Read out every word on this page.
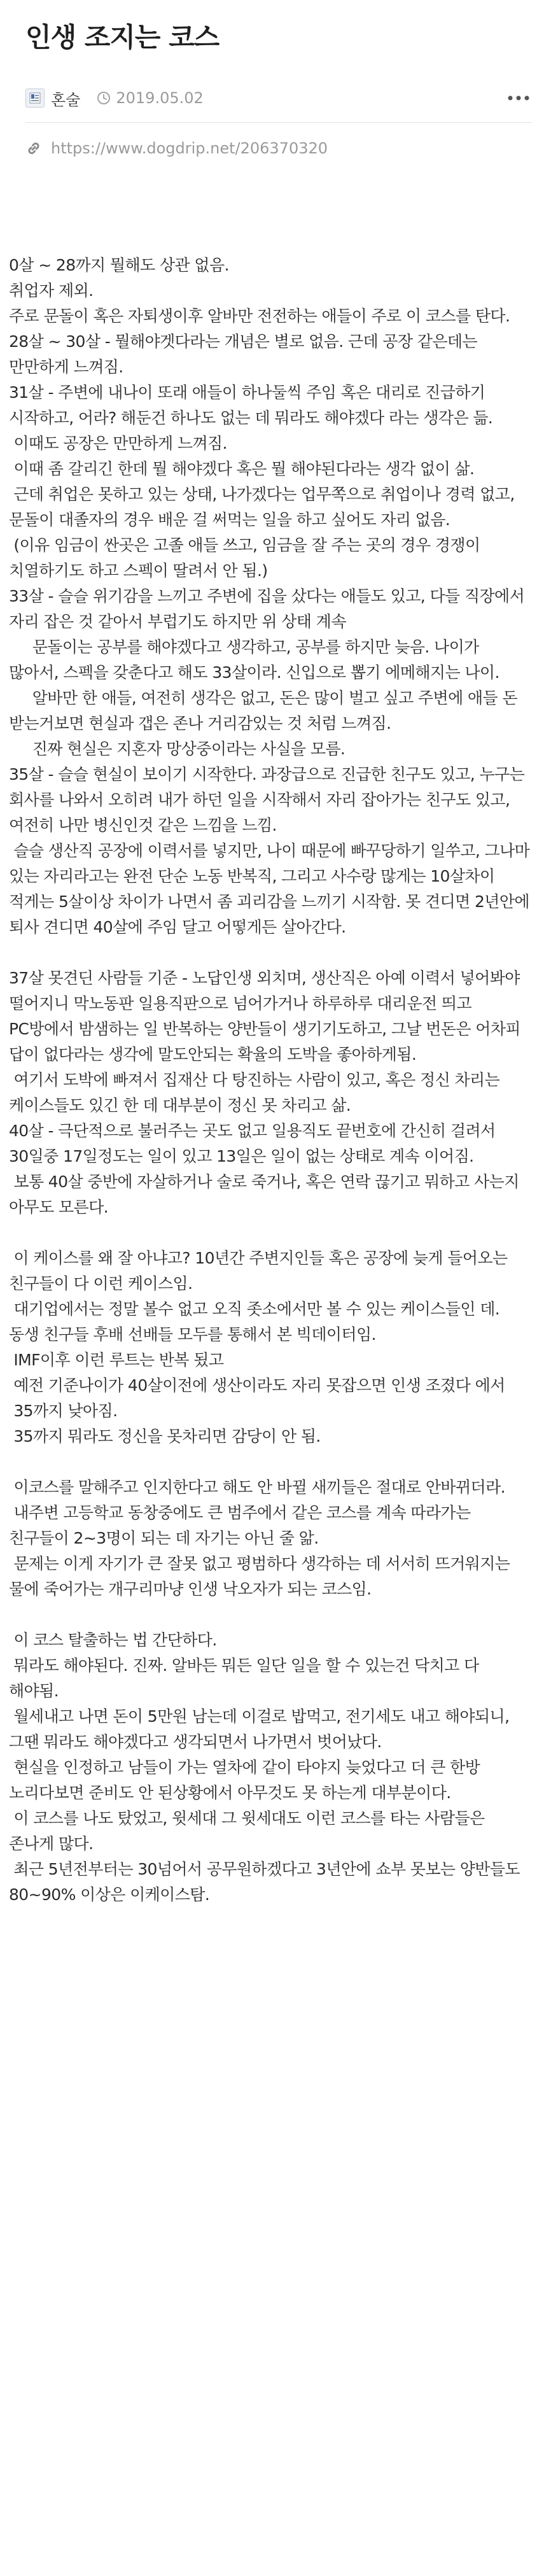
인생 조지는 코스
혼술 2019.05.02
https://www.dogdrip.net/206370320

0살 ~ 28까지 뭘해도 상관 없음.

취업자 제외.

주로 문돌이 혹은 자퇴생이후 알바만 전전하는 애들이 주로 이 코스를 탄다.

28살 ~ 30살 - 뭘해야겟다라는 개념은 별로 없음. 근데 공장 같은데는 만만하게 느껴짐.

31살 - 주변에 내나이 또래 애들이 하나둘씩 주임 혹은 대리로 진급하기 시작하고, 어라? 해둔건 하나도 없는 데 뭐라도 해야겠다 라는 생각은 듦.

이때도 공장은 만만하게 느껴짐.

이때 좀 갈리긴 한데 뭘 해야겠다 혹은 뭘 해야된다라는 생각 없이 삶.

근데 취업은 못하고 있는 상태, 나가겠다는 업무쪽으로 취업이나 경력 없고, 문돌이 대졸자의 경우 배운 걸 써먹는 일을 하고 싶어도 자리 없음.

(이유 임금이 싼곳은 고졸 애들 쓰고, 임금을 잘 주는 곳의 경우 경쟁이 치열하기도 하고 스펙이 딸려서 안 됨.)

33살 - 슬슬 위기감을 느끼고 주변에 집을 샀다는 애들도 있고, 다들 직장에서 자리 잡은 것 같아서 부럽기도 하지만 위 상태 계속

문돌이는 공부를 해야겠다고 생각하고, 공부를 하지만 늦음. 나이가 많아서, 스펙을 갖춘다고 해도 33살이라. 신입으로 뽑기 에메해지는 나이.

알바만 한 애들, 여전히 생각은 없고, 돈은 많이 벌고 싶고 주변에 애들 돈 받는거보면 현실과 갭은 존나 거리감있는 것 처럼 느껴짐.

진짜 현실은 지혼자 망상중이라는 사실을 모름.

35살 - 슬슬 현실이 보이기 시작한다. 과장급으로 진급한 친구도 있고, 누구는 회사를 나와서 오히려 내가 하던 일을 시작해서 자리 잡아가는 친구도 있고, 여전히 나만 병신인것 같은 느낌을 느낌.

슬슬 생산직 공장에 이력서를 넣지만, 나이 때문에 빠꾸당하기 일쑤고, 그나마 있는 자리라고는 완전 단순 노동 반복직, 그리고 사수랑 많게는 10살차이 적게는 5살이상 차이가 나면서 좀 괴리감을 느끼기 시작함. 못 견디면 2년안에 퇴사 견디면 40살에 주임 달고 어떻게든 살아간다.

37살 못견딘 사람들 기준 - 노답인생 외치며, 생산직은 아예 이력서 넣어봐야 떨어지니 막노동판 일용직판으로 넘어가거나 하루하루 대리운전 띄고 PC방에서 밤샘하는 일 반복하는 양반들이 생기기도하고, 그날 번돈은 어차피 답이 없다라는 생각에 말도안되는 확율의 도박을 좋아하게됨.

여기서 도박에 빠져서 집재산 다 탕진하는 사람이 있고, 혹은 정신 차리는 케이스들도 있긴 한 데 대부분이 정신 못 차리고 삶.

40살 - 극단적으로 불러주는 곳도 없고 일용직도 끝번호에 간신히 걸려서 30일중 17일정도는 일이 있고 13일은 일이 없는 상태로 계속 이어짐.

보통 40살 중반에 자살하거나 술로 죽거나, 혹은 연락 끊기고 뭐하고 사는지 아무도 모른다.

이 케이스를 왜 잘 아냐고? 10년간 주변지인들 혹은 공장에 늦게 들어오는 친구들이 다 이런 케이스임.

대기업에서는 정말 볼수 없고 오직 좃소에서만 볼 수 있는 케이스들인 데. 동생 친구들 후배 선배들 모두를 통해서 본 빅데이터임.

IMF이후 이런 루트는 반복 됬고

예전 기준나이가 40살이전에 생산이라도 자리 못잡으면 인생 조졌다 에서

35까지 낮아짐.

35까지 뭐라도 정신을 못차리면 감당이 안 됨.

이코스를 말해주고 인지한다고 해도 안 바뀔 새끼들은 절대로 안바뀌더라.

내주변 고등학교 동창중에도 큰 범주에서 같은 코스를 계속 따라가는 친구들이 2~3명이 되는 데 자기는 아닌 줄 앎.

문제는 이게 자기가 큰 잘못 없고 평범하다 생각하는 데 서서히 뜨거워지는 물에 죽어가는 개구리마냥 인생 낙오자가 되는 코스임.

이 코스 탈출하는 법 간단하다.

뭐라도 해야된다. 진짜. 알바든 뭐든 일단 일을 할 수 있는건 닥치고 다 해야됨.

월세내고 나면 돈이 5만원 남는데 이걸로 밥먹고, 전기세도 내고 해야되니, 그땐 뭐라도 해야겠다고 생각되면서 나가면서 벗어났다.

현실을 인정하고 남들이 가는 열차에 같이 타야지 늦었다고 더 큰 한방 노리다보면 준비도 안 된상황에서 아무것도 못 하는게 대부분이다.

이 코스를 나도 탔었고, 윗세대 그 윗세대도 이런 코스를 타는 사람들은 존나게 많다.

최근 5년전부터는 30넘어서 공무원하겠다고 3년안에 쇼부 못보는 양반들도 80~90% 이상은 이케이스탐.
